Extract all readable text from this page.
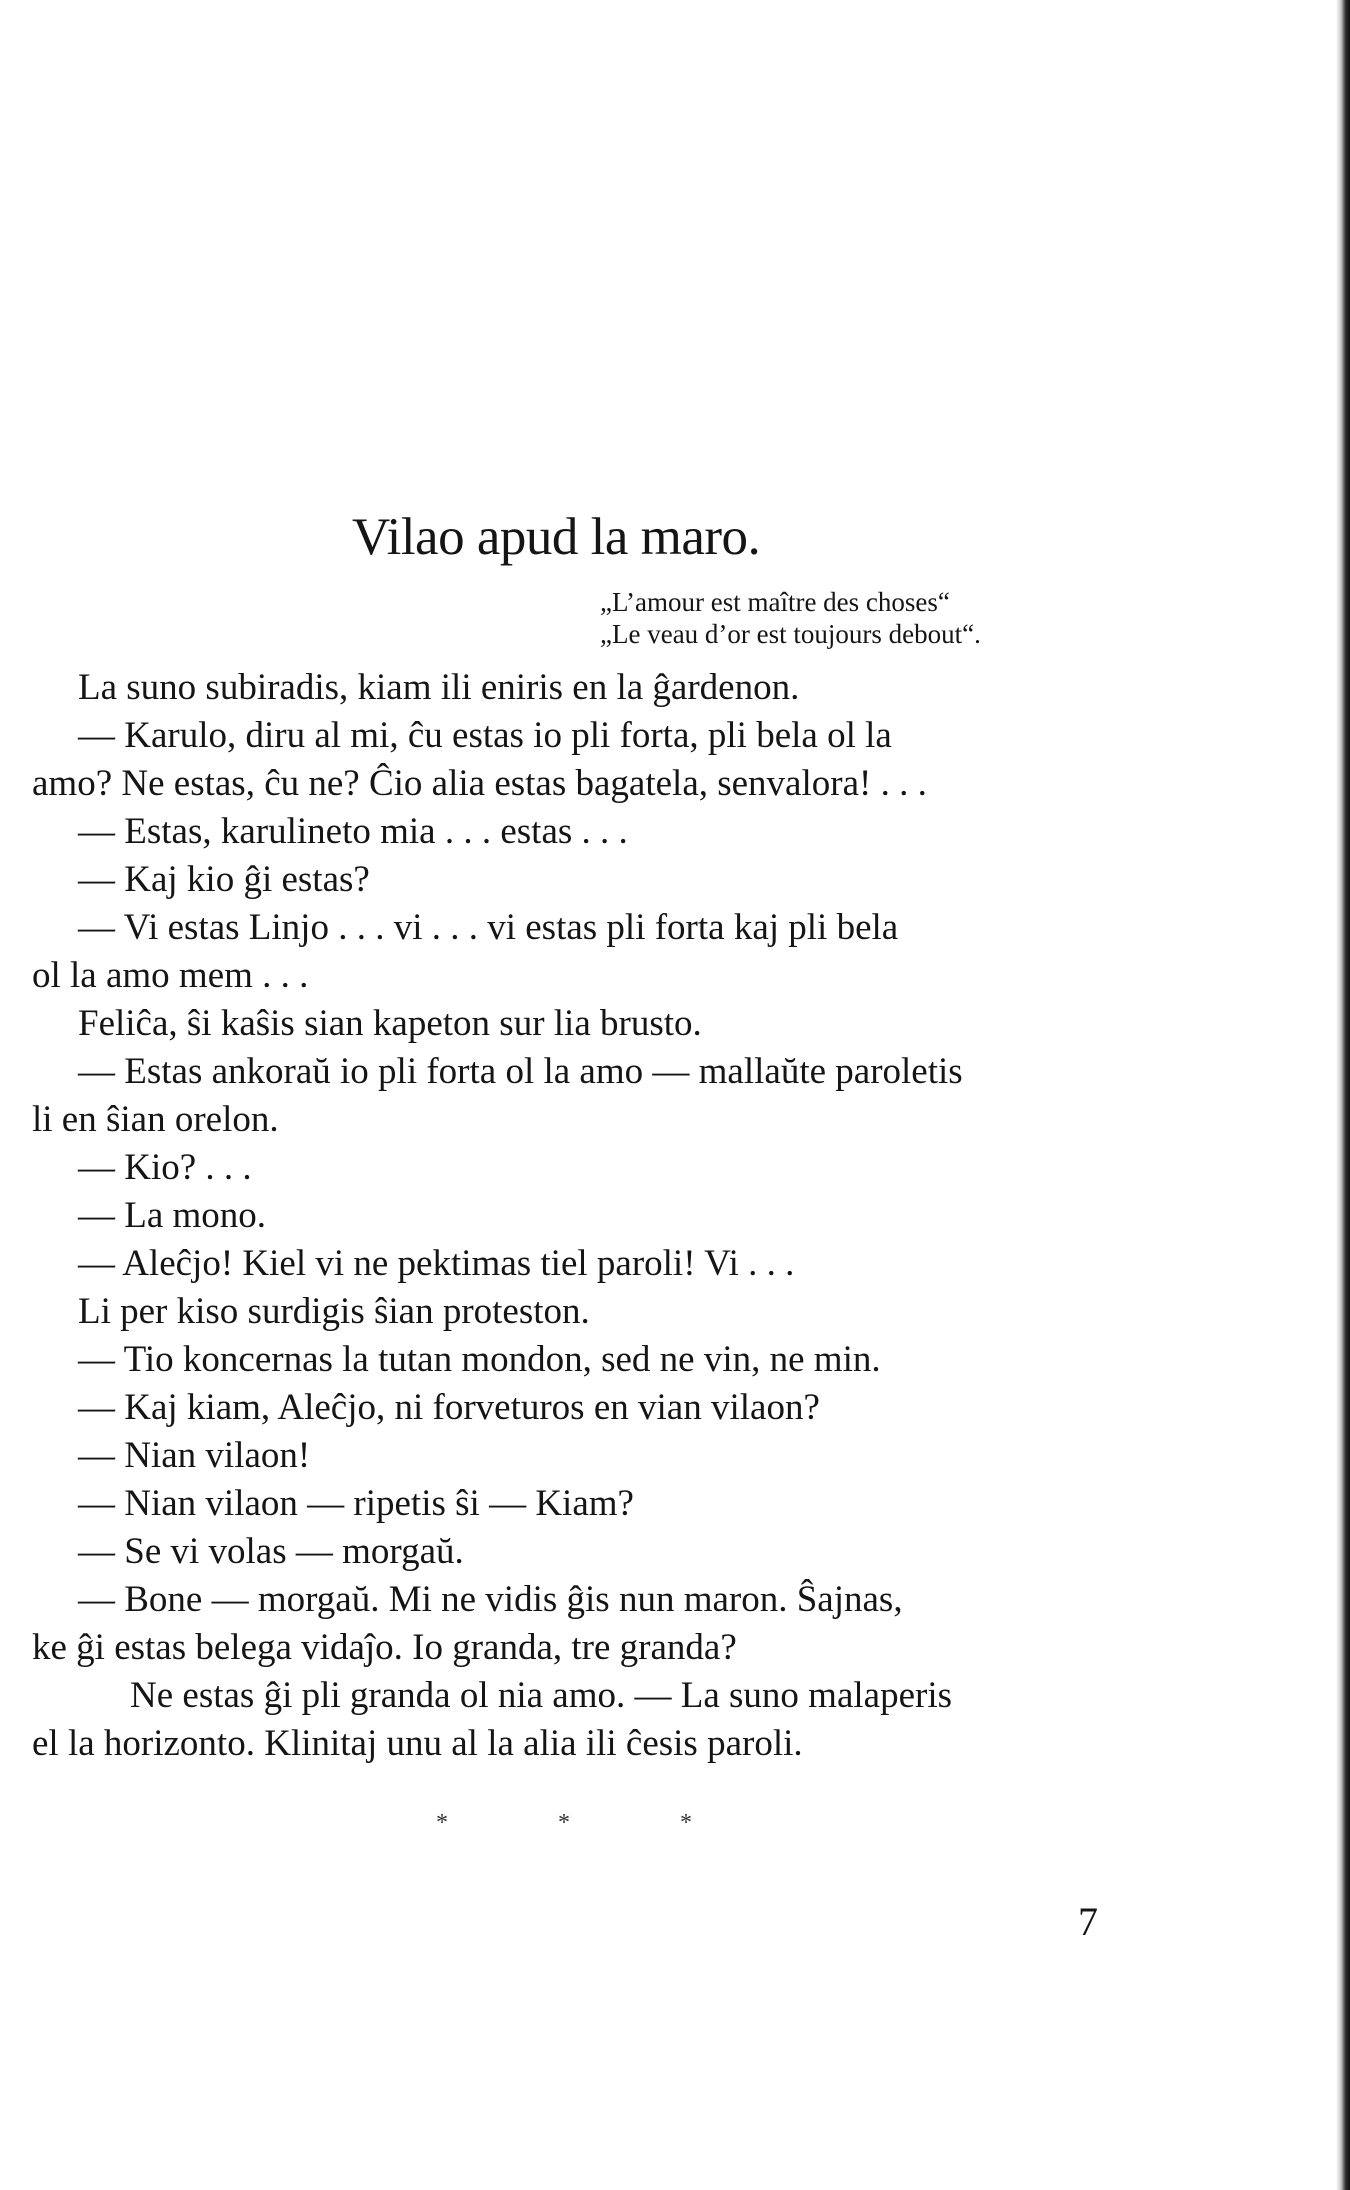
Vilao apud la maro.
„L’amour est maître des choses“
„Le veau d’or est toujours debout“.
La suno subiradis, kiam ili eniris en la ĝardenon.
— Karulo, diru al mi, ĉu estas io pli forta, pli bela ol la
amo? Ne estas, ĉu ne? Ĉio alia estas bagatela, senvalora! . . .
— Estas, karulineto mia . . . estas . . .
— Kaj kio ĝi estas?
— Vi estas Linjo . . . vi . . . vi estas pli forta kaj pli bela
ol la amo mem . . .
Feliĉa, ŝi kaŝis sian kapeton sur lia brusto.
— Estas ankoraŭ io pli forta ol la amo — mallaŭte paroletis
li en ŝian orelon.
— Kio? . . .
— La mono.
— Aleĉjo! Kiel vi ne pektimas tiel paroli! Vi . . .
Li per kiso surdigis ŝian proteston.
— Tio koncernas la tutan mondon, sed ne vin, ne min.
— Kaj kiam, Aleĉjo, ni forveturos en vian vilaon?
— Nian vilaon!
— Nian vilaon — ripetis ŝi — Kiam?
— Se vi volas — morgaŭ.
— Bone — morgaŭ. Mi ne vidis ĝis nun maron. Ŝajnas,
ke ĝi estas belega vidaĵo. Io granda, tre granda?
Ne estas ĝi pli granda ol nia amo. — La suno malaperis
el la horizonto. Klinitaj unu al la alia ili ĉesis paroli.
* * *
7
